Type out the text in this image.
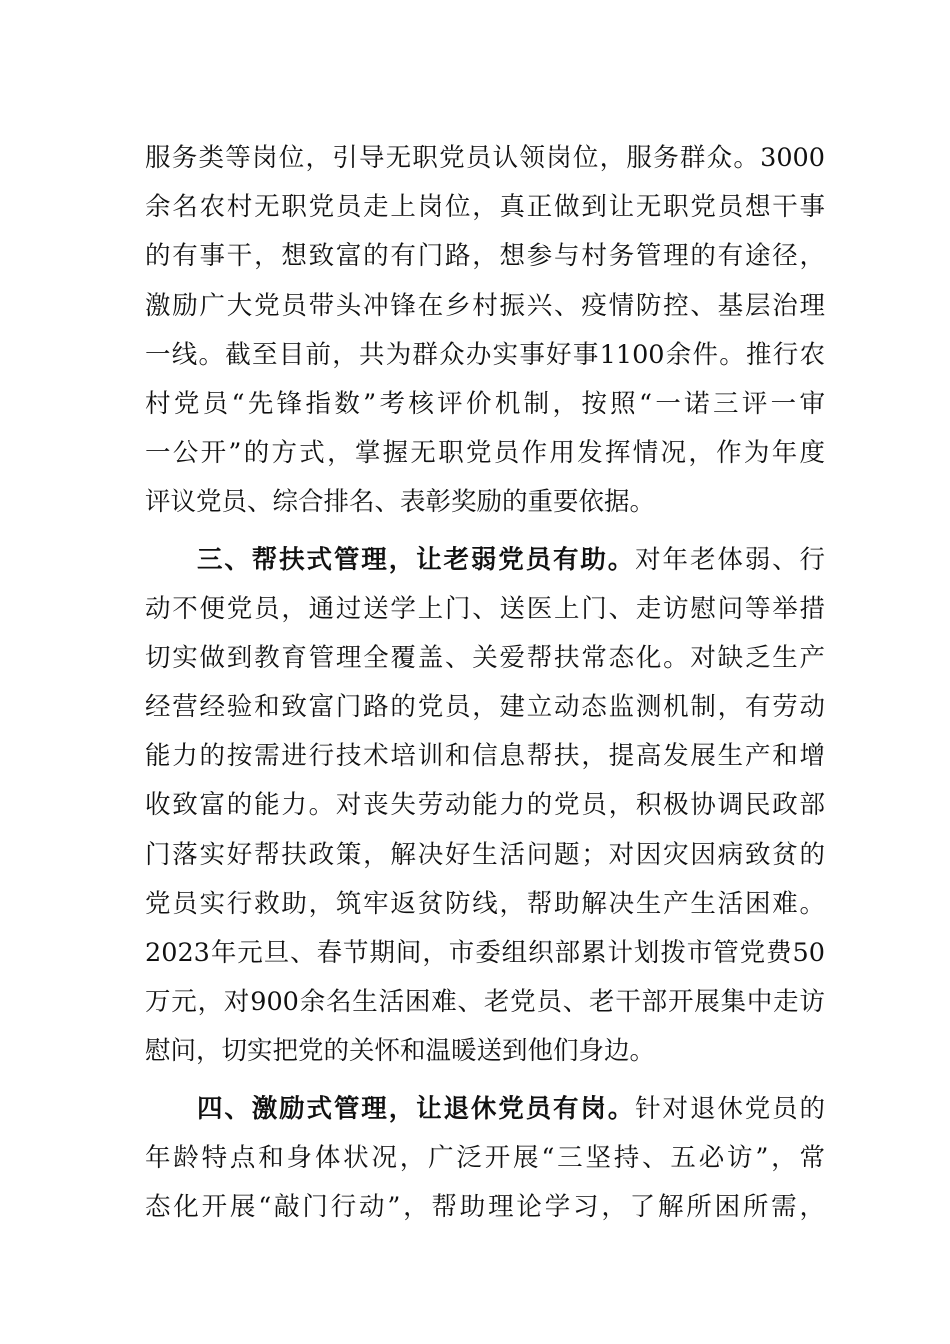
服务类等岗位，引导无职党员认领岗位，服务群众。3000
余名农村无职党员走上岗位，真正做到让无职党员想干事
的有事干，想致富的有门路，想参与村务管理的有途径，
激励广大党员带头冲锋在乡村振兴、疫情防控、基层治理
一线。截至目前，共为群众办实事好事1100余件。推行农
村党员“先锋指数”考核评价机制，按照“一诺三评一审
一公开”的方式，掌握无职党员作用发挥情况，作为年度
评议党员、综合排名、表彰奖励的重要依据。
三、帮扶式管理，让老弱党员有助。对年老体弱、行
动不便党员，通过送学上门、送医上门、走访慰问等举措
切实做到教育管理全覆盖、关爱帮扶常态化。对缺乏生产
经营经验和致富门路的党员，建立动态监测机制，有劳动
能力的按需进行技术培训和信息帮扶，提高发展生产和增
收致富的能力。对丧失劳动能力的党员，积极协调民政部
门落实好帮扶政策，解决好生活问题；对因灾因病致贫的
党员实行救助，筑牢返贫防线，帮助解决生产生活困难。
2023年元旦、春节期间，市委组织部累计划拨市管党费50
万元，对900余名生活困难、老党员、老干部开展集中走访
慰问，切实把党的关怀和温暖送到他们身边。
四、激励式管理，让退休党员有岗。针对退休党员的
年龄特点和身体状况，广泛开展“三坚持、五必访”，常
态化开展“敲门行动”，帮助理论学习，了解所困所需，
